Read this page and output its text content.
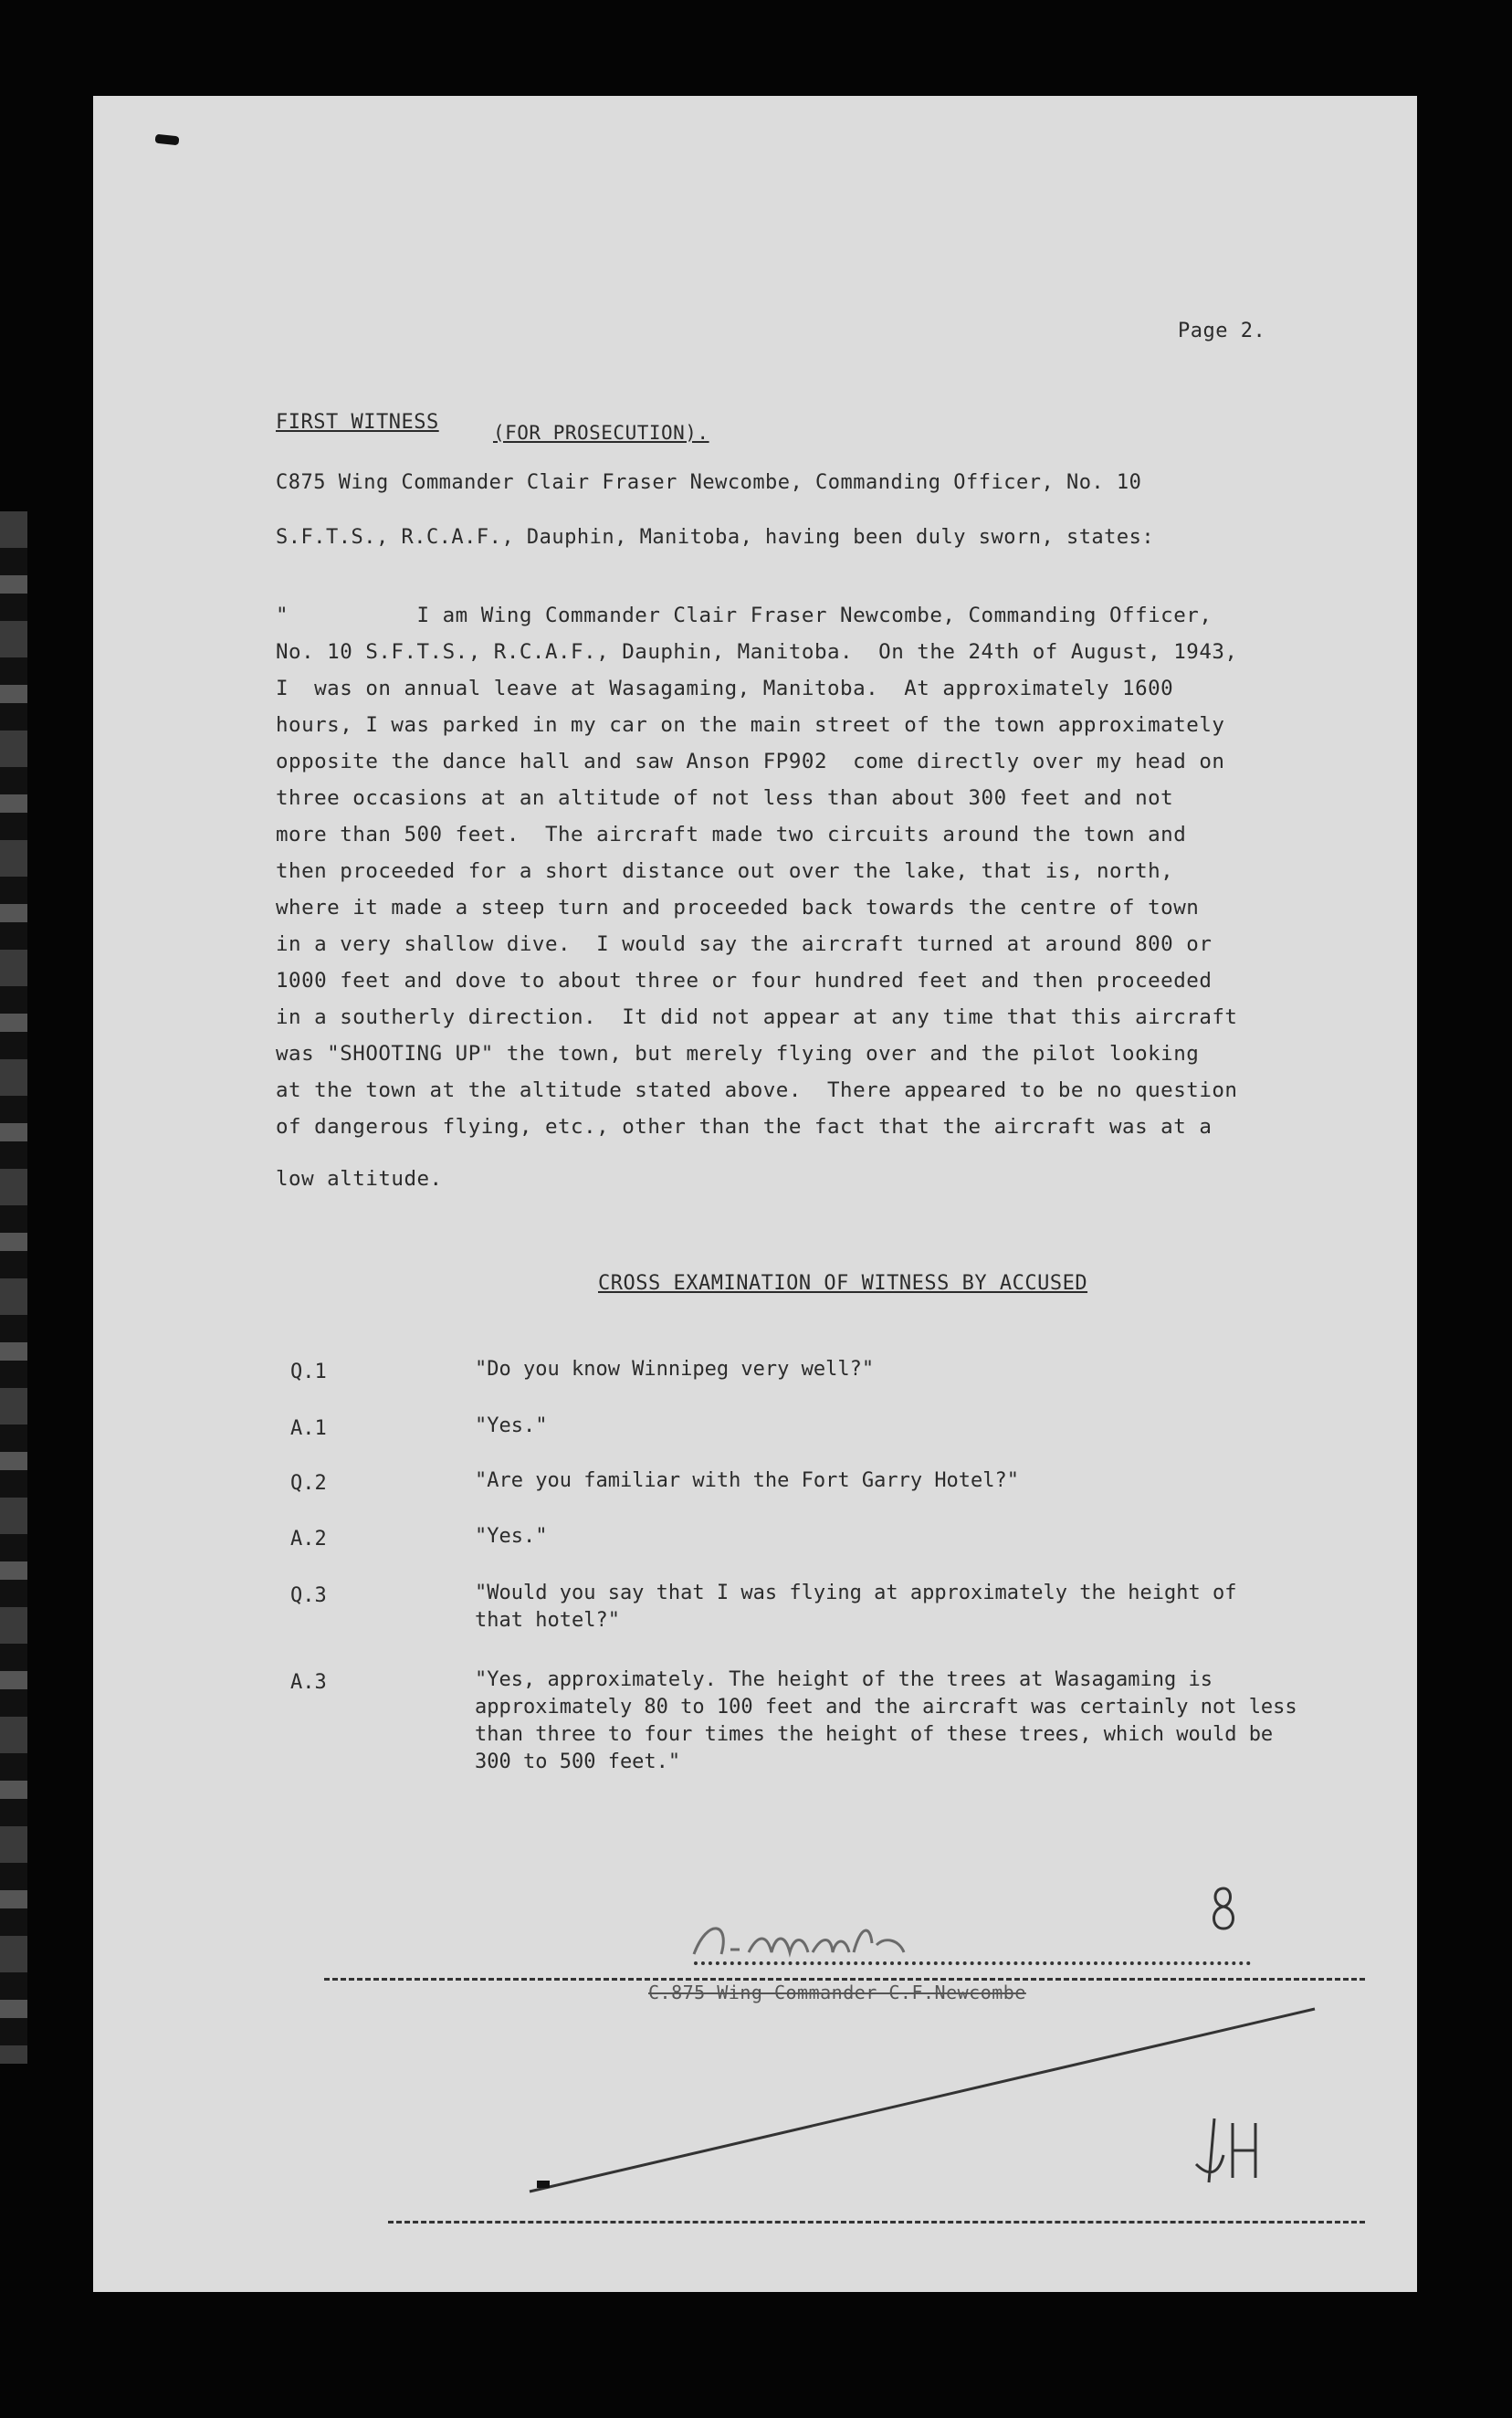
Page 2.
FIRST WITNESS	(FOR PROSECUTION).
C875 Wing Commander Clair Fraser Newcombe, Commanding Officer, No. 10
S.F.T.S., R.C.A.F., Dauphin, Manitoba, having been duly sworn, states:
"          I am Wing Commander Clair Fraser Newcombe, Commanding Officer,
No. 10 S.F.T.S., R.C.A.F., Dauphin, Manitoba.  On the 24th of August, 1943,
I  was on annual leave at Wasagaming, Manitoba.  At approximately 1600
hours, I was parked in my car on the main street of the town approximately
opposite the dance hall and saw Anson FP902  come directly over my head on
three occasions at an altitude of not less than about 300 feet and not
more than 500 feet.  The aircraft made two circuits around the town and
then proceeded for a short distance out over the lake, that is, north,
where it made a steep turn and proceeded back towards the centre of town
in a very shallow dive.  I would say the aircraft turned at around 800 or
1000 feet and dove to about three or four hundred feet and then proceeded
in a southerly direction.  It did not appear at any time that this aircraft
was "SHOOTING UP" the town, but merely flying over and the pilot looking
at the town at the altitude stated above.  There appeared to be no question
of dangerous flying, etc., other than the fact that the aircraft was at a
low altitude.
CROSS EXAMINATION OF WITNESS BY ACCUSED
Q.1	"Do you know Winnipeg very well?"
A.1	"Yes."
Q.2	"Are you familiar with the Fort Garry Hotel?"
A.2	"Yes."
Q.3	"Would you say that I was flying at approximately the height of that hotel?"
A.3	"Yes, approximately. The height of the trees at Wasagaming is approximately 80 to 100 feet and the aircraft was certainly not less than three to four times the height of these trees, which would be 300 to 500 feet."
C.875 Wing Commander C.F.Newcombe
